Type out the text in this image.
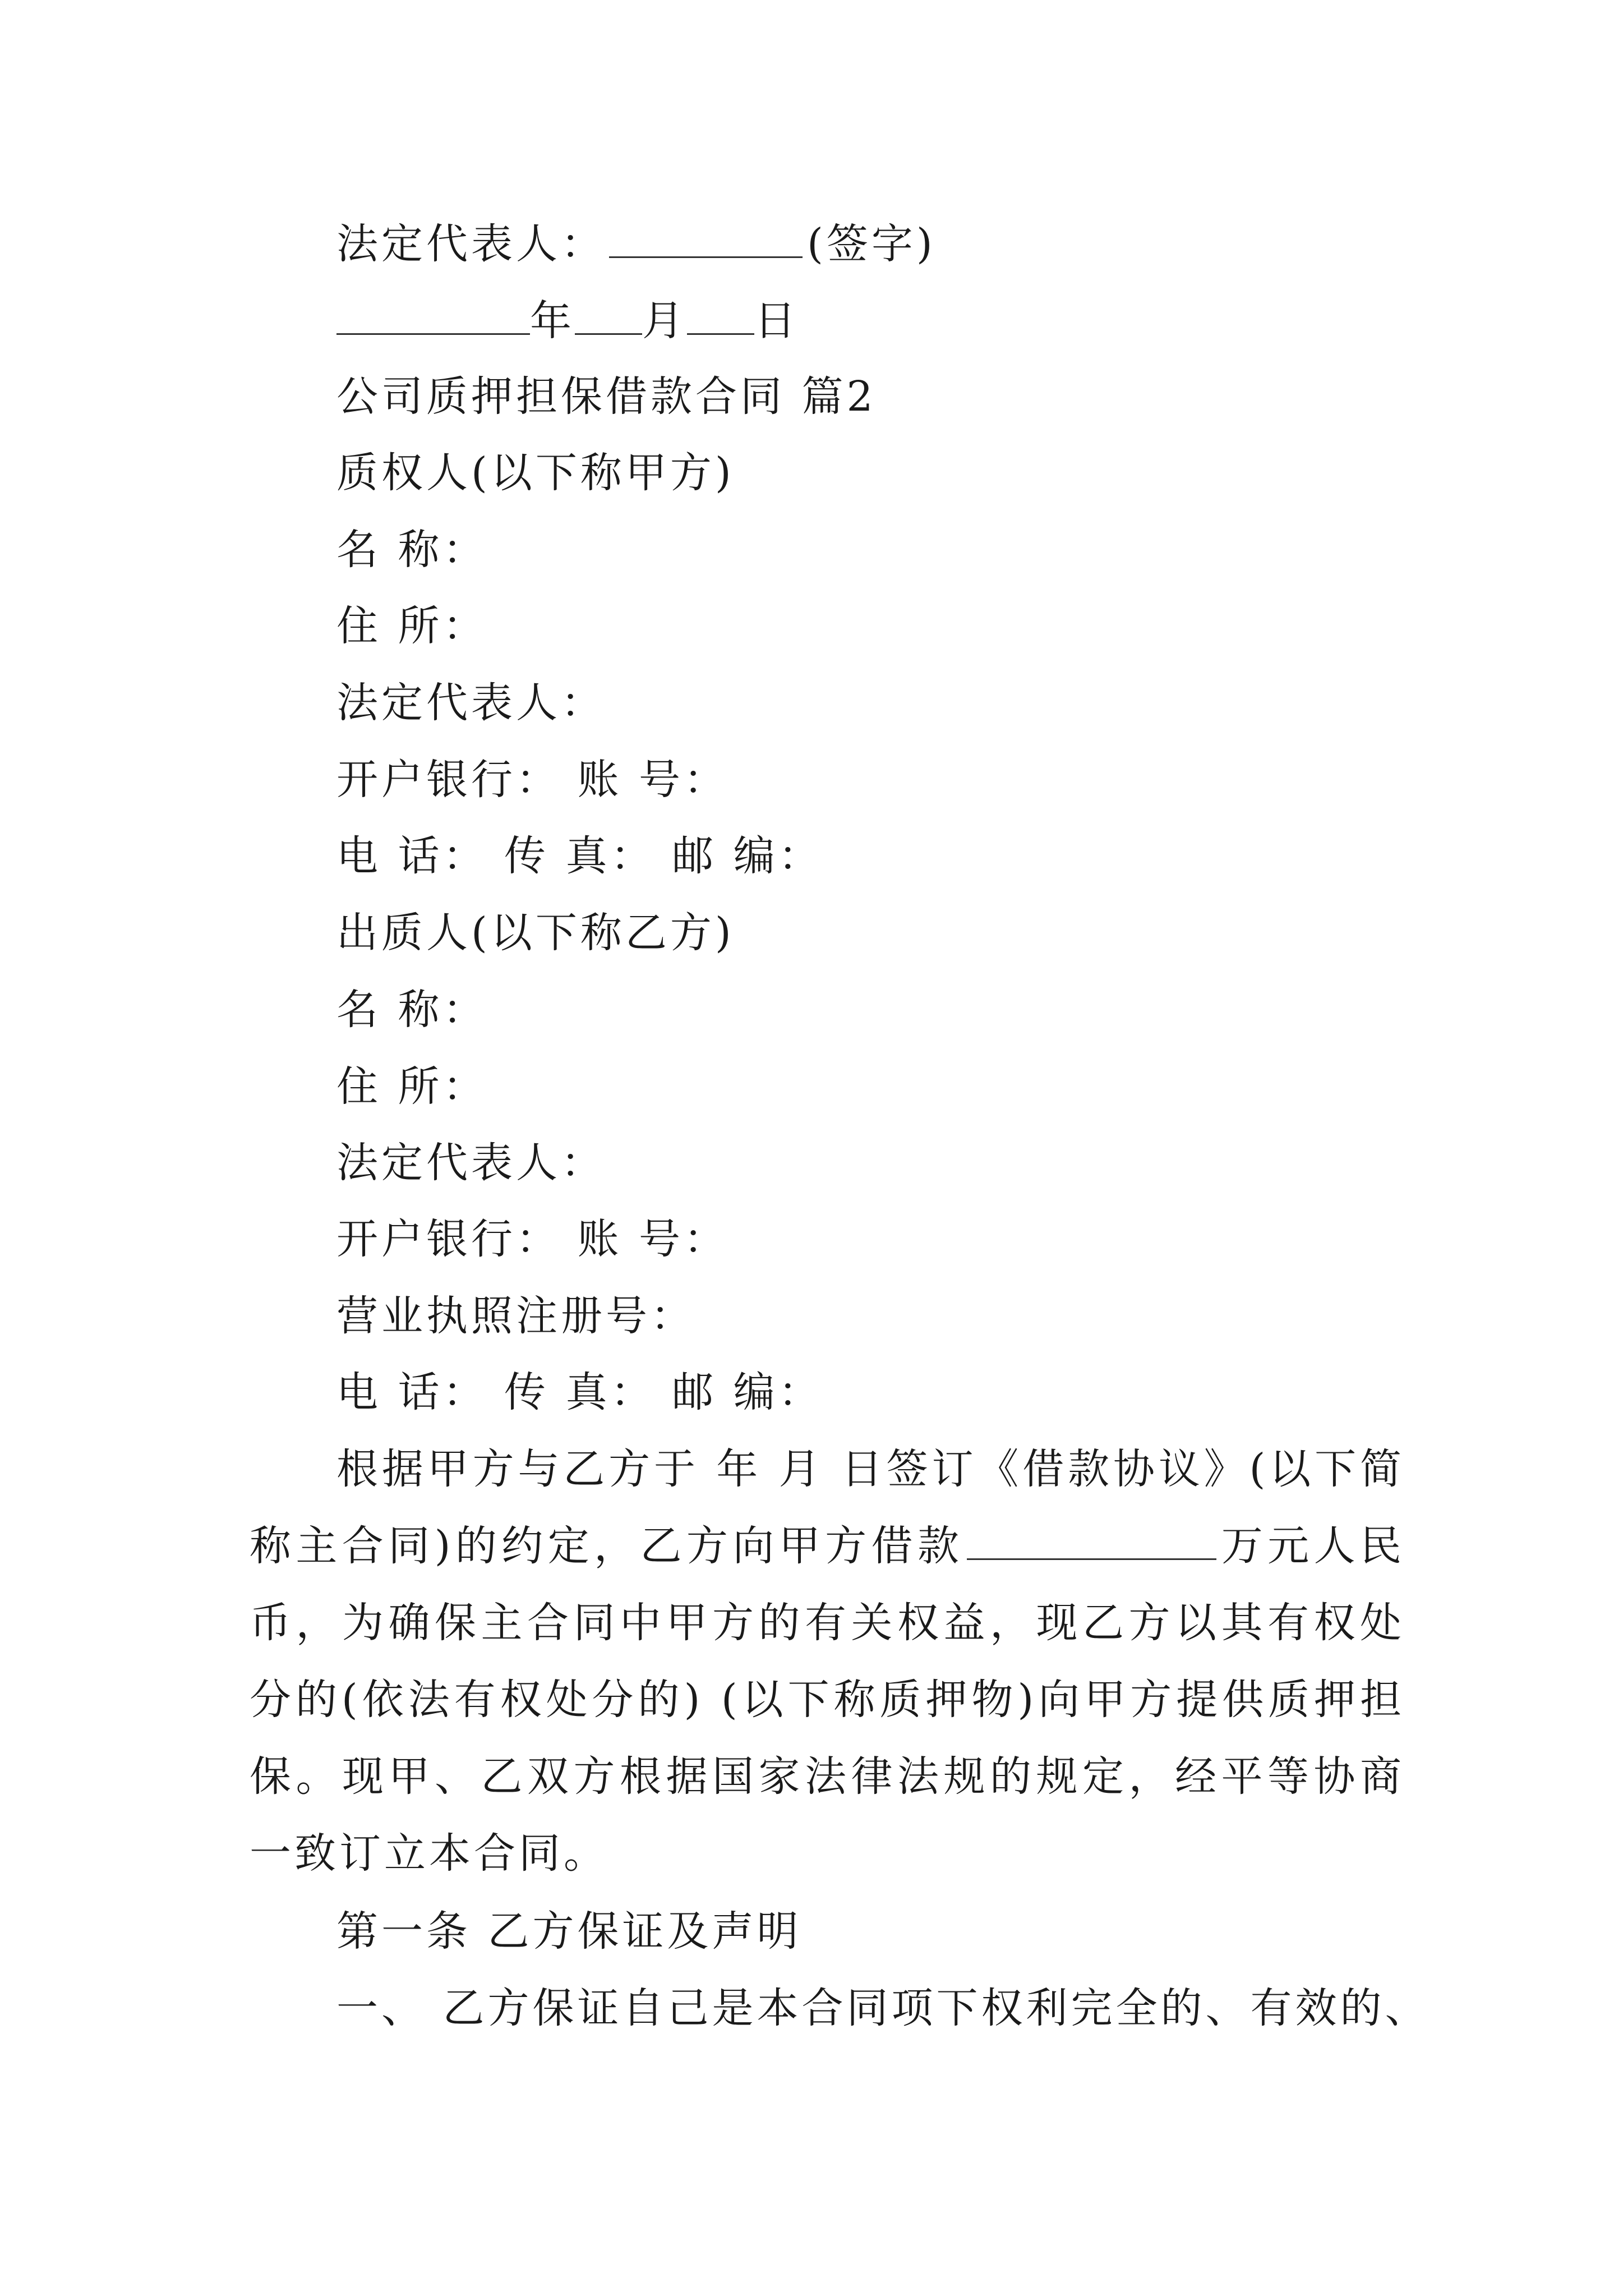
法定代表人：	(签字)
年 月 日
公司质押担保借款合同 篇2
质权人(以下称甲方)
名 称：
住 所：
法定代表人：
开户银行： 账 号：
电 话： 传 真： 邮 编：
出质人(以下称乙方)
名 称：
住 所：
法定代表人：
开户银行： 账 号：
营业执照注册号：
电 话： 传 真： 邮 编：
根据甲方与乙方于 年 月 日签订《借款协议》(以下简称主合同)的约定，乙方向甲方借款	万元人民币，为确保主合同中甲方的有关权益，现乙方以其有权处分的(依法有权处分的) (以下称质押物)向甲方提供质押担保。现甲、乙双方根据国家法律法规的规定，经平等协商一致订立本合同。
第一条 乙方保证及声明
一、 乙方保证自己是本合同项下权利完全的、有效的、
